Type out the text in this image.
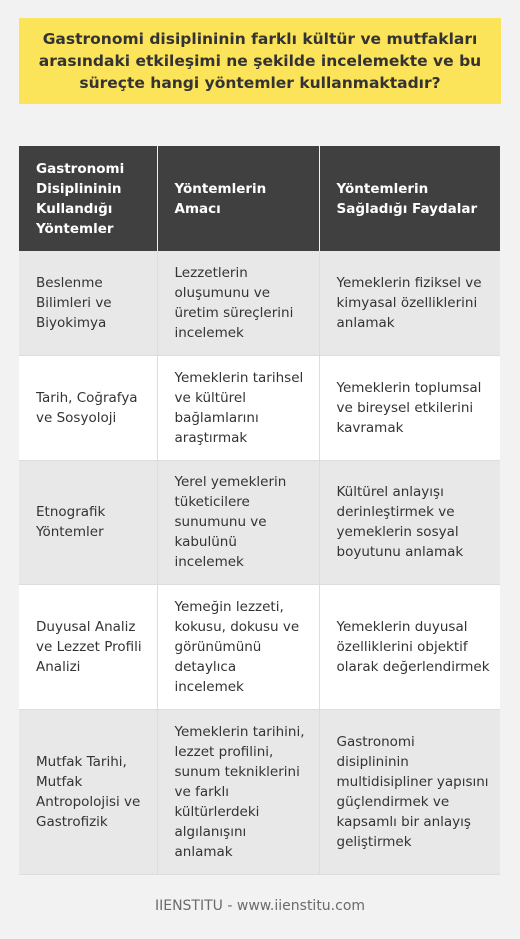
Gastronomi disiplininin farklı kültür ve mutfakları arasındaki etkileşimi ne şekilde incelemekte ve bu süreçte hangi yöntemler kullanmaktadır?
Gastronomi Disiplininin Kullandığı Yöntemler	Yöntemlerin Amacı	Yöntemlerin Sağladığı Faydalar
Beslenme Bilimleri ve Biyokimya	Lezzetlerin oluşumunu ve üretim süreçlerini incelemek	Yemeklerin fiziksel ve kimyasal özelliklerini anlamak
Tarih, Coğrafya ve Sosyoloji	Yemeklerin tarihsel ve kültürel bağlamlarını araştırmak	Yemeklerin toplumsal ve bireysel etkilerini kavramak
Etnografik Yöntemler	Yerel yemeklerin tüketicilere sunumunu ve kabulünü incelemek	Kültürel anlayışı derinleştirmek ve yemeklerin sosyal boyutunu anlamak
Duyusal Analiz ve Lezzet Profili Analizi	Yemeğin lezzeti, kokusu, dokusu ve görünümünü detaylıca incelemek	Yemeklerin duyusal özelliklerini objektif olarak değerlendirmek
Mutfak Tarihi, Mutfak Antropolojisi ve Gastrofizik	Yemeklerin tarihini, lezzet profilini, sunum tekniklerini ve farklı kültürlerdeki algılanışını anlamak	Gastronomi disiplininin multidisipliner yapısını güçlendirmek ve kapsamlı bir anlayış geliştirmek
IIENSTITU - www.iienstitu.com
